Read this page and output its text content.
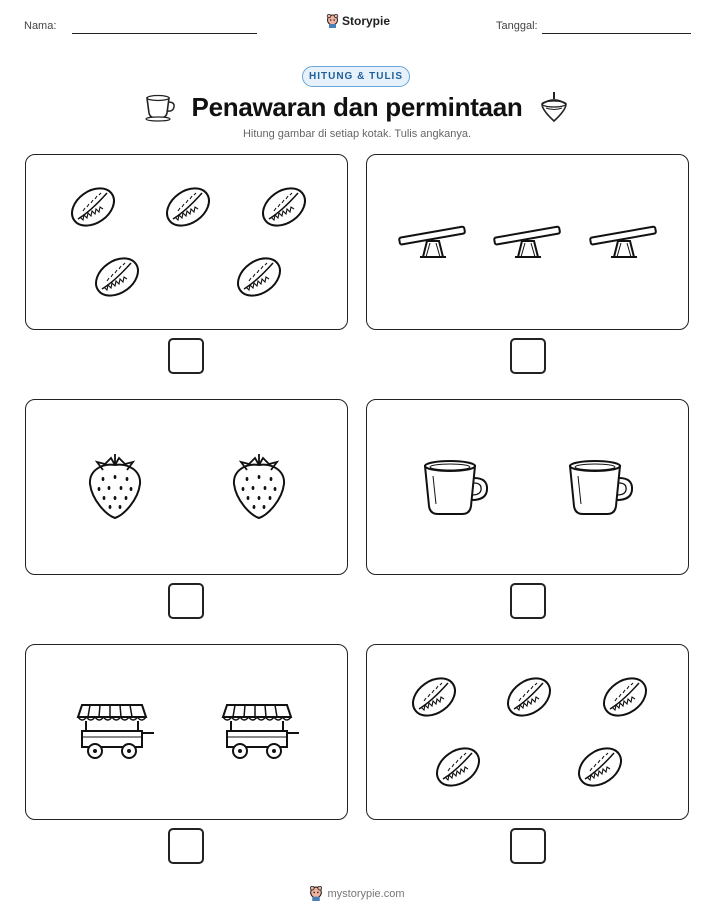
Nama:	Storypie	Tanggal:
HITUNG & TULIS
Penawaran dan permintaan
Hitung gambar di setiap kotak. Tulis angkanya.
mystorypie.com
